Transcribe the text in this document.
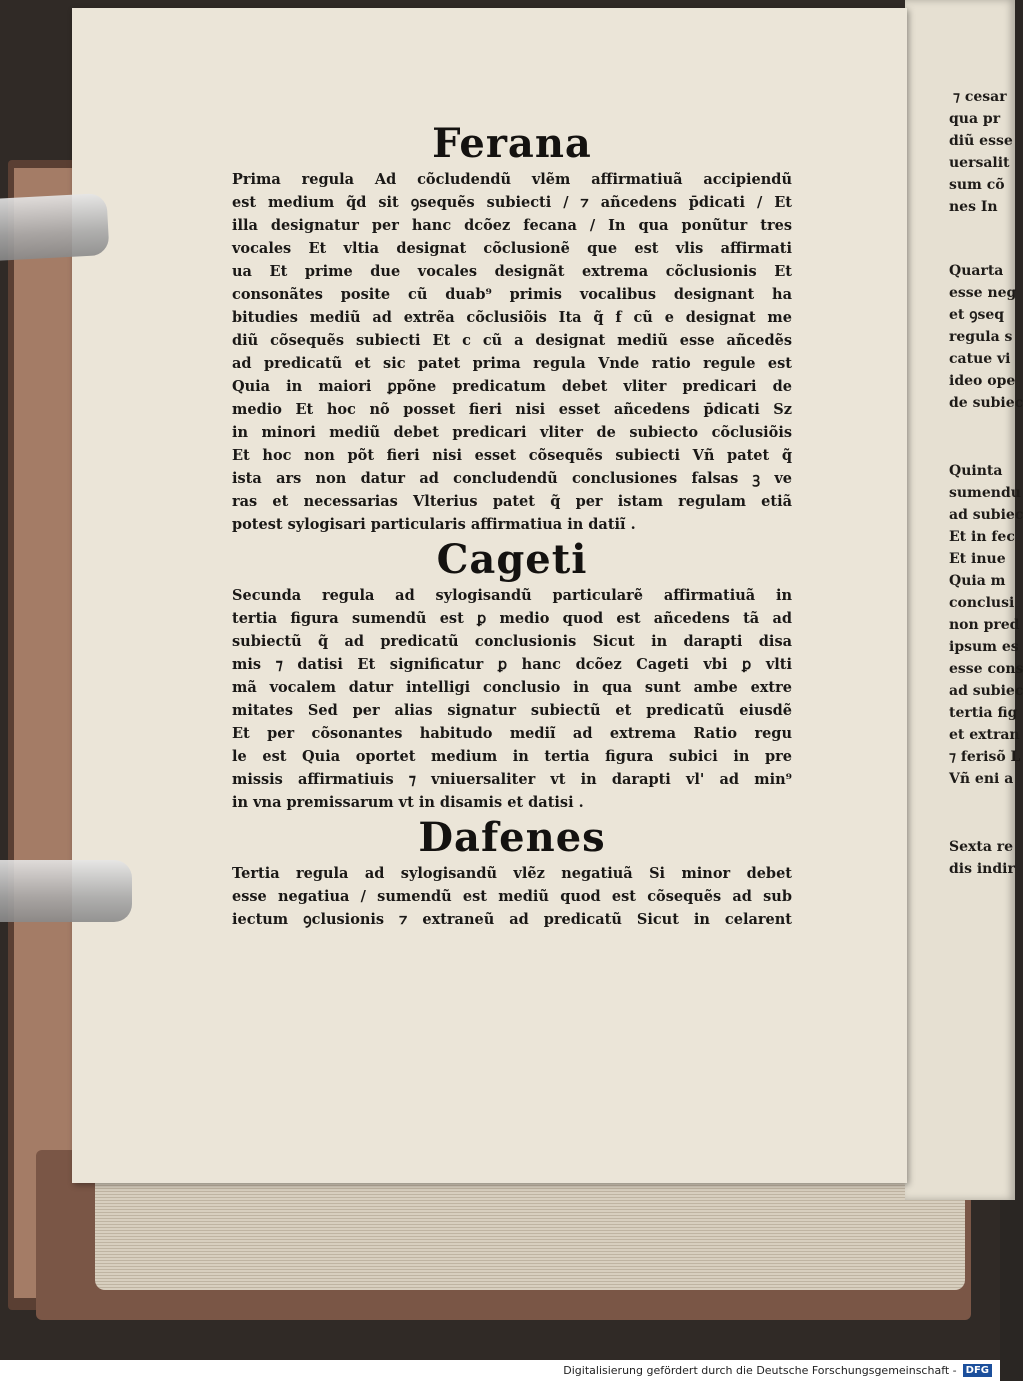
⁊ cesar
qua pr
diũ esse
uersalit
sum cõ
nes In
Quarta
esse neg
et ꝯseq
regula s
catue vi
ideo ope
de subiec
Quinta
sumendu
ad subiec
Et in fec
Et inue
Quia m
conclusi
non pred
ipsum es
esse cons
ad subiec
tertia fig
et extran
⁊ ferisõ L
Vñ eni a
Sexta re
dis indir
Ferana

Prima regula Ad cõcludendũ vlẽm affirmatiuã accipiendũ
est medium q̃d sit ꝯsequẽs subiecti / ⁊ añcedens p̄dicati / Et
illa designatur per hanc dcõez fecana / In qua ponũtur tres
vocales Et vltia designat cõclusionẽ que est vlis affirmati
ua Et prime due vocales designãt extrema cõclusionis Et
consonãtes posite cũ duab⁹ primis vocalibus designant ha
bitudies mediũ ad extrẽa cõclusiõis Ita q̃ f cũ e designat me
diũ cõsequẽs subiecti Et c cũ a designat mediũ esse añcedẽs
ad predicatũ et sic patet prima regula Vnde ratio regule est
Quia in maiori ꝑpõne predicatum debet vliter predicari de
medio Et hoc nõ posset fieri nisi esset añcedens p̄dicati Sz
in minori mediũ debet predicari vliter de subiecto cõclusiõis
Et hoc non põt fieri nisi esset cõsequẽs subiecti Vñ patet q̃
ista ars non datur ad concludendũ conclusiones falsas ꝫ ve
ras et necessarias Vlterius patet q̃ per istam regulam etiã
potest sylogisari particularis affirmatiua in datiĩ .

Cageti

Secunda regula ad sylogisandũ particularẽ affirmatiuã in
tertia figura sumendũ est ꝑ medio quod est añcedens tã ad
subiectũ q̃ ad predicatũ conclusionis Sicut in darapti disa
mis ⁊ datisi Et significatur ꝑ hanc dcõez Cageti vbi ꝑ vlti
mã vocalem datur intelligi conclusio in qua sunt ambe extre
mitates Sed per alias signatur subiectũ et predicatũ eiusdẽ
Et per cõsonantes habitudo mediĩ ad extrema Ratio regu
le est Quia oportet medium in tertia figura subici in pre
missis affirmatiuis ⁊ vniuersaliter vt in darapti vl' ad min⁹
in vna premissarum vt in disamis et datisi .

Dafenes

Tertia regula ad sylogisandũ vlẽz negatiuã Si minor debet
esse negatiua / sumendũ est mediũ quod est cõsequẽs ad sub
iectum ꝯclusionis ⁊ extraneũ ad predicatũ Sicut in celarent

Digitalisierung gefördert durch die Deutsche Forschungsgemeinschaft - DFG
